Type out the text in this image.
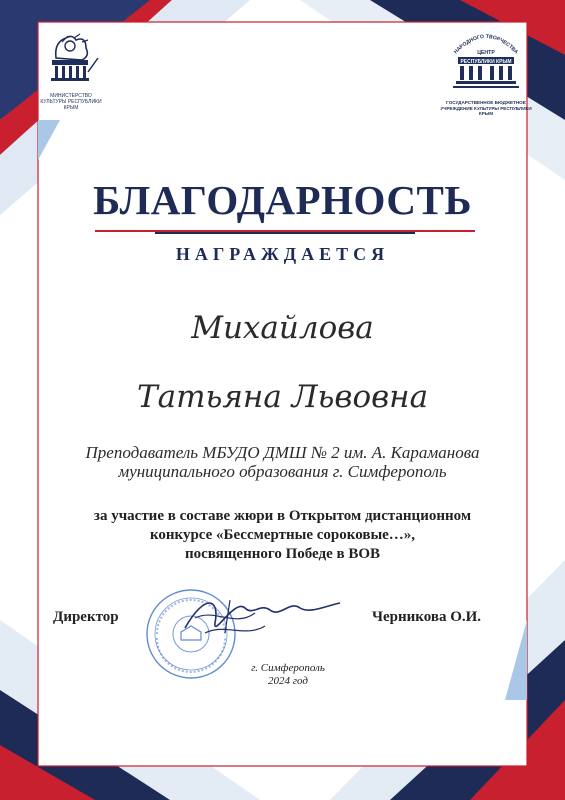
МИНИСТЕРСТВО КУЛЬТУРЫ РЕСПУБЛИКИ КРЫМ
НАРОДНОГО ТВОРЧЕСТВА
ЦЕНТР
РЕСПУБЛИКИ КРЫМ
ГОСУДАРСТВЕННОЕ БЮДЖЕТНОЕ УЧРЕЖДЕНИЕ КУЛЬТУРЫ РЕСПУБЛИКИ КРЫМ
БЛАГОДАРНОСТЬ
НАГРАЖДАЕТСЯ
Михайлова
Татьяна Львовна
Преподаватель МБУДО ДМШ № 2 им. А. Караманова
муниципального образования г. Симферополь
за участие в составе жюри в Открытом дистанционном
конкурсе «Бессмертные сороковые…»,
посвященного Победе в ВОВ
Директор	Черникова О.И.
г. Симферополь
2024 год
